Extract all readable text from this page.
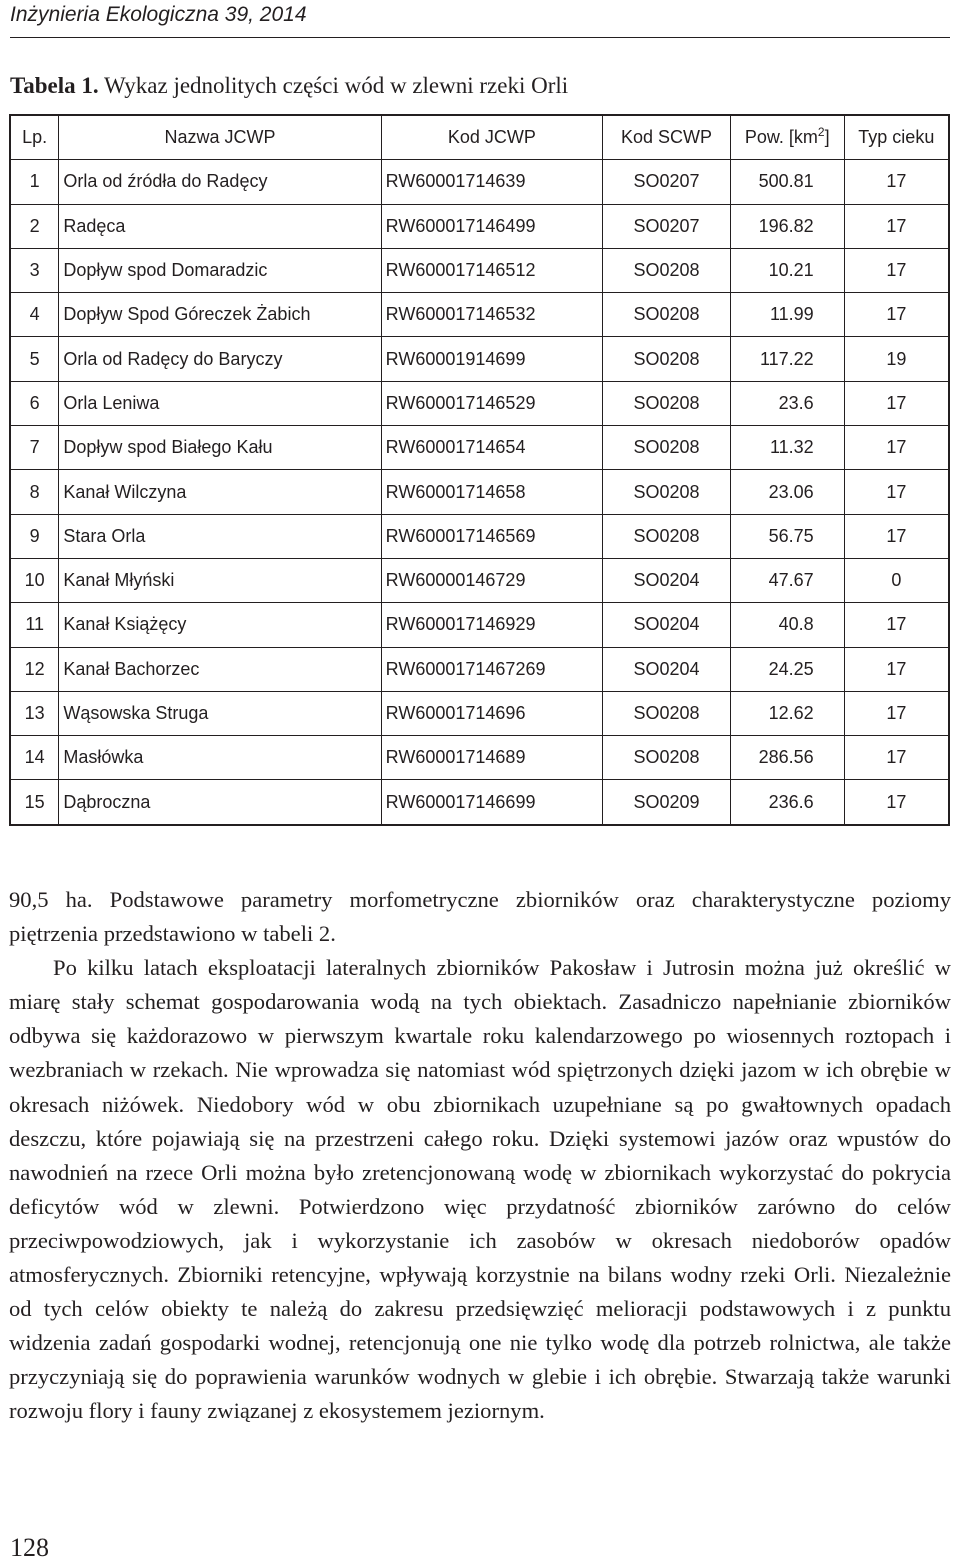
Inżynieria Ekologiczna 39, 2014
Tabela 1. Wykaz jednolitych części wód w zlewni rzeki Orli
Lp.	Nazwa JCWP	Kod JCWP	Kod SCWP	Pow. $[km^2]$	Typ cieku
1	Orla od źródła do Radęcy	RW60001714639	SO0207	500.81	17
2	Radęca	RW600017146499	SO0207	196.82	17
3	Dopływ spod Domaradzic	RW600017146512	SO0208	10.21	17
4	Dopływ Spod Góreczek Żabich	RW600017146532	SO0208	11.99	17
5	Orla od Radęcy do Baryczy	RW60001914699	SO0208	117.22	19
6	Orla Leniwa	RW600017146529	SO0208	23.6	17
7	Dopływ spod Białego Kału	RW60001714654	SO0208	11.32	17
8	Kanał Wilczyna	RW60001714658	SO0208	23.06	17
9	Stara Orla	RW600017146569	SO0208	56.75	17
10	Kanał Młyński	RW60000146729	SO0204	47.67	0
11	Kanał Książęcy	RW600017146929	SO0204	40.8	17
12	Kanał Bachorzec	RW6000171467269	SO0204	24.25	17
13	Wąsowska Struga	RW60001714696	SO0208	12.62	17
14	Masłówka	RW60001714689	SO0208	286.56	17
15	Dąbroczna	RW600017146699	SO0209	236.6	17

90,5 ha. Podstawowe parametry morfometryczne zbiorników oraz charakterystyczne poziomy piętrzenia przedstawiono w tabeli 2.

Po kilku latach eksploatacji lateralnych zbiorników Pakosław i Jutrosin można już określić w miarę stały schemat gospodarowania wodą na tych obiektach. Zasadniczo napełnianie zbiorników odbywa się każdorazowo w pierwszym kwartale roku kalendarzowego po wiosennych roztopach i wezbraniach w rzekach. Nie wprowadza się natomiast wód spiętrzonych dzięki jazom w ich obrębie w okresach niżówek. Niedobory wód w obu zbiornikach uzupełniane są po gwałtownych opadach deszczu, które pojawiają się na przestrzeni całego roku. Dzięki systemowi jazów oraz wpustów do nawodnień na rzece Orli można było zretencjonowaną wodę w zbiornikach wykorzystać do pokrycia deficytów wód w zlewni. Potwierdzono więc przydatność zbiorników zarówno do celów przeciwpowodziowych, jak i wykorzystanie ich zasobów w okresach niedoborów opadów atmosferycznych. Zbiorniki retencyjne, wpływają korzystnie na bilans wodny rzeki Orli. Niezależnie od tych celów obiekty te należą do zakresu przedsięwzięć melioracji podstawowych i z punktu widzenia zadań gospodarki wodnej, retencjonują one nie tylko wodę dla potrzeb rolnictwa, ale także przyczyniają się do poprawienia warunków wodnych w glebie i ich obrębie. Stwarzają także warunki rozwoju flory i fauny związanej z ekosystemem jeziornym.

128
